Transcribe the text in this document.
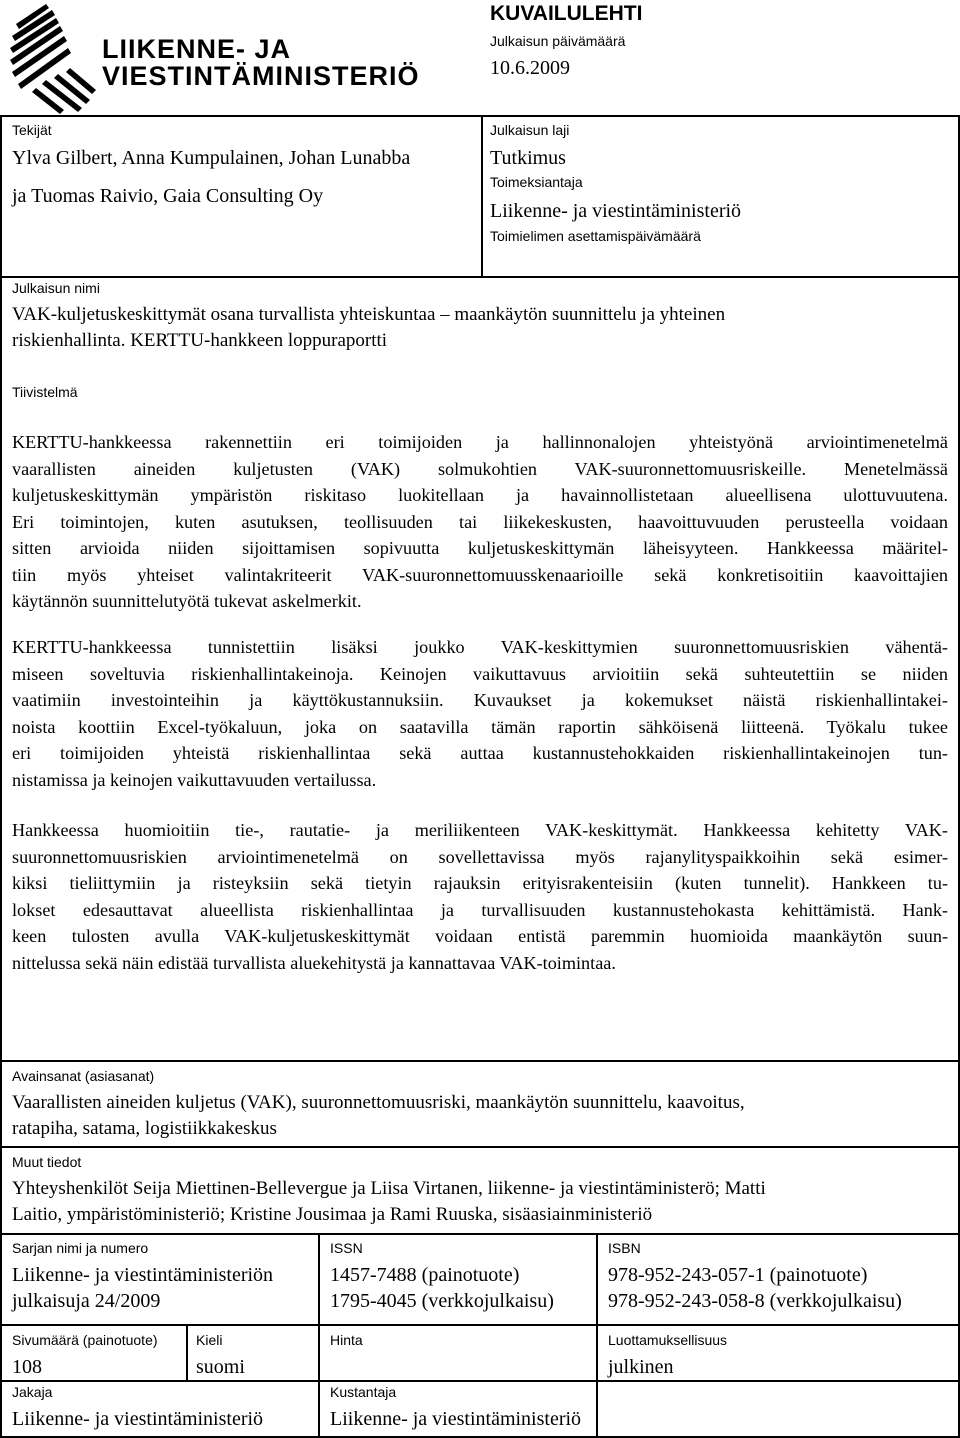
LIIKENNE- JA
VIESTINTÄMINISTERIÖ
KUVAILULEHTI
Julkaisun päivämäärä
10.6.2009
Tekijät
Ylva Gilbert, Anna Kumpulainen, Johan Lunabba
ja Tuomas Raivio, Gaia Consulting Oy
Julkaisun laji
Tutkimus
Toimeksiantaja
Liikenne- ja viestintäministeriö
Toimielimen asettamispäivämäärä
Julkaisun nimi
VAK-kuljetuskeskittymät osana turvallista yhteiskuntaa – maankäytön suunnittelu ja yhteinen
riskienhallinta. KERTTU-hankkeen loppuraportti
Tiivistelmä
KERTTU-hankkeessa rakennettiin eri toimijoiden ja hallinnonalojen yhteistyönä arviointimenetelmä
vaarallisten aineiden kuljetusten (VAK) solmukohtien VAK-suuronnettomuusriskeille. Menetelmässä
kuljetuskeskittymän ympäristön riskitaso luokitellaan ja havainnollistetaan alueellisena ulottuvuutena.
Eri toimintojen, kuten asutuksen, teollisuuden tai liikekeskusten, haavoittuvuuden perusteella voidaan
sitten arvioida niiden sijoittamisen sopivuutta kuljetuskeskittymän läheisyyteen. Hankkeessa määritel-
tiin myös yhteiset valintakriteerit VAK-suuronnettomuusskenaarioille sekä konkretisoitiin kaavoittajien
käytännön suunnittelutyötä tukevat askelmerkit.
KERTTU-hankkeessa tunnistettiin lisäksi joukko VAK-keskittymien suuronnettomuusriskien vähentä-
miseen soveltuvia riskienhallintakeinoja. Keinojen vaikuttavuus arvioitiin sekä suhteutettiin se niiden
vaatimiin investointeihin ja käyttökustannuksiin. Kuvaukset ja kokemukset näistä riskienhallintakei-
noista koottiin Excel-työkaluun, joka on saatavilla tämän raportin sähköisenä liitteenä. Työkalu tukee
eri toimijoiden yhteistä riskienhallintaa sekä auttaa kustannustehokkaiden riskienhallintakeinojen tun-
nistamissa ja keinojen vaikuttavuuden vertailussa.
Hankkeessa huomioitiin tie-, rautatie- ja meriliikenteen VAK-keskittymät. Hankkeessa kehitetty VAK-
suuronnettomuusriskien arviointimenetelmä on sovellettavissa myös rajanylityspaikkoihin sekä esimer-
kiksi tieliittymiin ja risteyksiin sekä tietyin rajauksin erityisrakenteisiin (kuten tunnelit). Hankkeen tu-
lokset edesauttavat alueellista riskienhallintaa ja turvallisuuden kustannustehokasta kehittämistä. Hank-
keen tulosten avulla VAK-kuljetuskeskittymät voidaan entistä paremmin huomioida maankäytön suun-
nittelussa sekä näin edistää turvallista aluekehitystä ja kannattavaa VAK-toimintaa.
Avainsanat (asiasanat)
Vaarallisten aineiden kuljetus (VAK), suuronnettomuusriski, maankäytön suunnittelu, kaavoitus,
ratapiha, satama, logistiikkakeskus
Muut tiedot
Yhteyshenkilöt Seija Miettinen-Bellevergue ja Liisa Virtanen, liikenne- ja viestintäministerö; Matti
Laitio, ympäristöministeriö; Kristine Jousimaa ja Rami Ruuska, sisäasiainministeriö
Sarjan nimi ja numero
Liikenne- ja viestintäministeriön
julkaisuja 24/2009
ISSN
1457-7488 (painotuote)
1795-4045 (verkkojulkaisu)
ISBN
978-952-243-057-1 (painotuote)
978-952-243-058-8 (verkkojulkaisu)
Sivumäärä (painotuote)
108
Kieli
suomi
Hinta	Luottamuksellisuus
julkinen
Jakaja
Liikenne- ja viestintäministeriö
Kustantaja
Liikenne- ja viestintäministeriö
